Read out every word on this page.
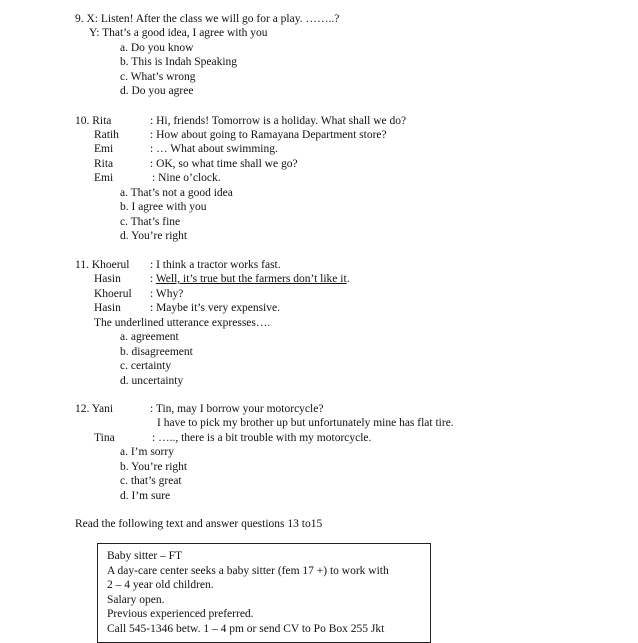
9. X: Listen! After the class we will go for a play. ……..?
Y: That’s a good idea, I agree with you
a. Do you know
b. This is Indah Speaking
c. What’s wrong
d. Do you agree
10. Rita	: Hi, friends! Tomorrow is a holiday. What shall we do?
Ratih	: How about going to Ramayana Department store?
Emi	: … What about swimming.
Rita	: OK, so what time shall we go?
Emi	: Nine o’clock.
a. That’s not a good idea
b. I agree with you
c. That’s fine
d. You’re right
11. Khoerul : I think a tractor works fast.
Hasin	: Well, it’s true but the farmers don’t like it.
Khoerul : Why?
Hasin	: Maybe it’s very expensive.
The underlined utterance expresses….
a. agreement
b. disagreement
c. certainty
d. uncertainty
12. Yani	: Tin, may I borrow your motorcycle?
I have to pick my brother up but unfortunately mine has flat tire.
Tina	: ….., there is a bit trouble with my motorcycle.
a. I’m sorry
b. You’re right
c. that’s great
d. I’m sure
Read the following text and answer questions 13 to15
Baby sitter – FT
A day-care center seeks a baby sitter (fem 17 +) to work with
2 – 4 year old children.
Salary open.
Previous experienced preferred.
Call 545-1346 betw. 1 – 4 pm or send CV to Po Box 255 Jkt
